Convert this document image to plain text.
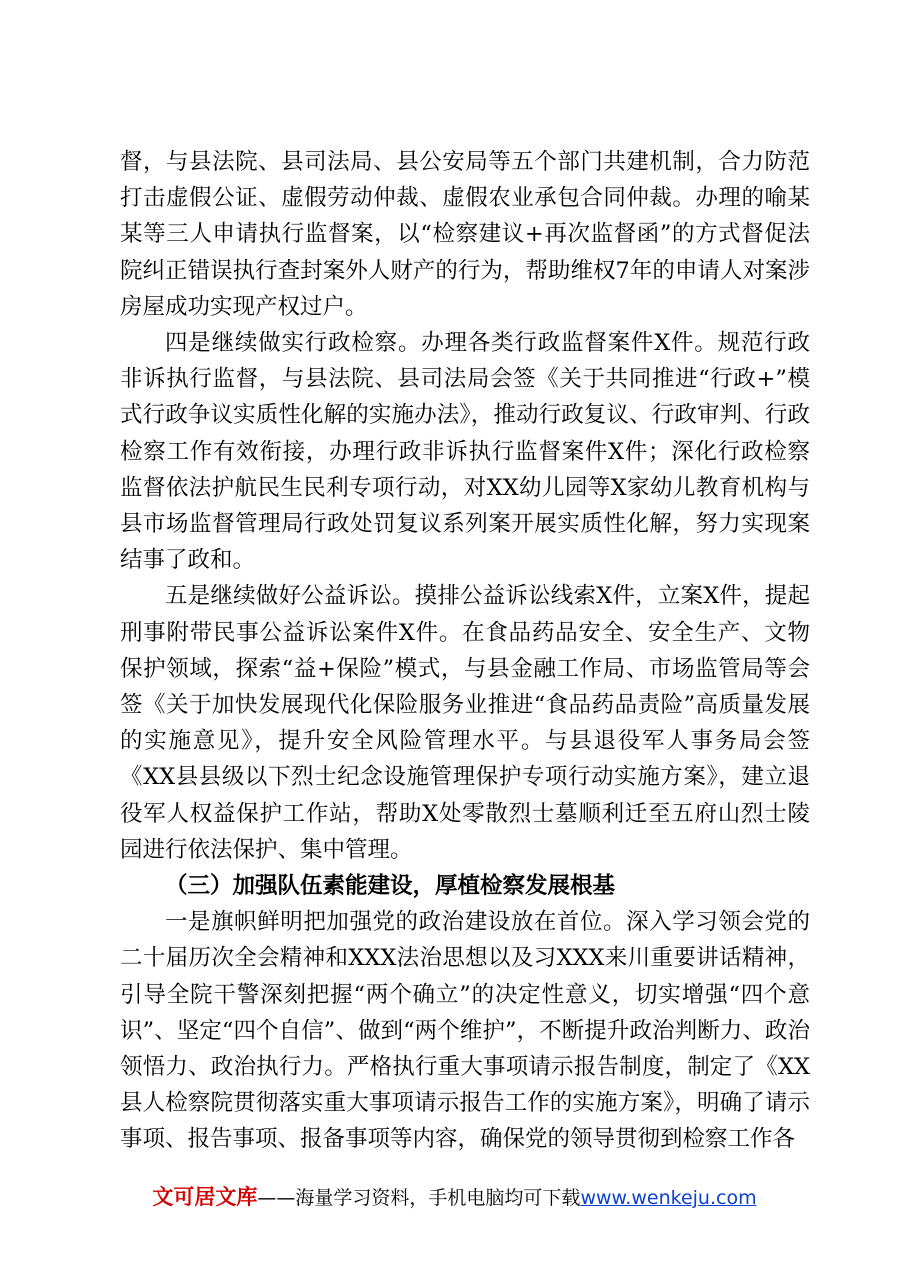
督，与县法院、县司法局、县公安局等五个部门共建机制，合力防范打击虚假公证、虚假劳动仲裁、虚假农业承包合同仲裁。办理的喻某某等三人申请执行监督案，以“检察建议+再次监督函”的方式督促法院纠正错误执行查封案外人财产的行为，帮助维权7年的申请人对案涉房屋成功实现产权过户。

四是继续做实行政检察。办理各类行政监督案件X件。规范行政非诉执行监督，与县法院、县司法局会签《关于共同推进“行政+”模式行政争议实质性化解的实施办法》，推动行政复议、行政审判、行政检察工作有效衔接，办理行政非诉执行监督案件X件；深化行政检察监督依法护航民生民利专项行动，对XX幼儿园等X家幼儿教育机构与县市场监督管理局行政处罚复议系列案开展实质性化解，努力实现案结事了政和。

五是继续做好公益诉讼。摸排公益诉讼线索X件，立案X件，提起刑事附带民事公益诉讼案件X件。在食品药品安全、安全生产、文物保护领域，探索“益+保险”模式，与县金融工作局、市场监管局等会签《关于加快发展现代化保险服务业推进“食品药品责险”高质量发展的实施意见》，提升安全风险管理水平。与县退役军人事务局会签《XX县县级以下烈士纪念设施管理保护专项行动实施方案》，建立退役军人权益保护工作站，帮助X处零散烈士墓顺利迁至五府山烈士陵园进行依法保护、集中管理。

（三）加强队伍素能建设，厚植检察发展根基

一是旗帜鲜明把加强党的政治建设放在首位。深入学习领会党的二十届历次全会精神和XXX法治思想以及习XXX来川重要讲话精神，引导全院干警深刻把握“两个确立”的决定性意义，切实增强“四个意识”、坚定“四个自信”、做到“两个维护”，不断提升政治判断力、政治领悟力、政治执行力。严格执行重大事项请示报告制度，制定了《XX县人检察院贯彻落实重大事项请示报告工作的实施方案》，明确了请示事项、报告事项、报备事项等内容，确保党的领导贯彻到检察工作各

文可居文库——海量学习资料，手机电脑均可下载www.wenkeju.com
